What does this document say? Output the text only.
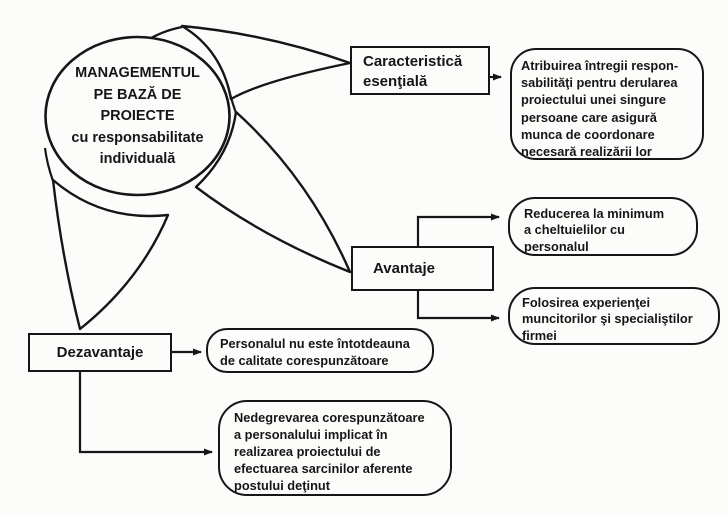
MANAGEMENTUL
PE BAZĂ DE
PROIECTE
cu responsabilitate
individuală
Caracteristică
esenţială
Avantaje
Dezavantaje
Atribuirea întregii respon-
sabilităţi pentru derularea
proiectului unei singure
persoane care asigură
munca de coordonare
necesară realizării lor
Reducerea la minimum
a cheltuielilor cu
personalul
Folosirea experienţei
muncitorilor şi specialiştilor
firmei
Personalul nu este întotdeauna
de calitate corespunzătoare
Nedegrevarea corespunzătoare
a personalului implicat în
realizarea proiectului de
efectuarea sarcinilor aferente
postului deţinut
